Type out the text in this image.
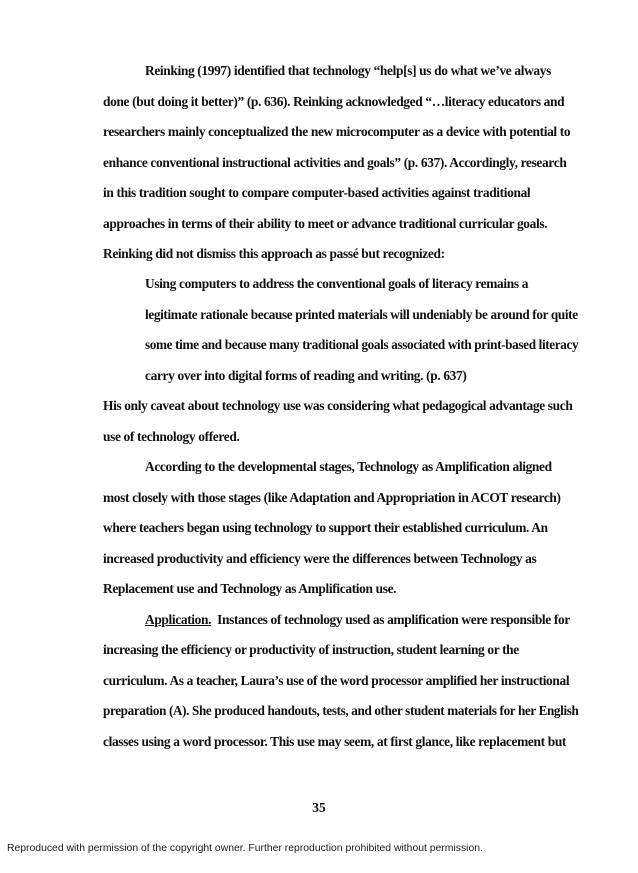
Reinking (1997) identified that technology “help[s] us do what we’ve always
done (but doing it better)” (p. 636). Reinking acknowledged “…literacy educators and
researchers mainly conceptualized the new microcomputer as a device with potential to
enhance conventional instructional activities and goals” (p. 637). Accordingly, research
in this tradition sought to compare computer-based activities against traditional
approaches in terms of their ability to meet or advance traditional curricular goals.
Reinking did not dismiss this approach as passé but recognized:
Using computers to address the conventional goals of literacy remains a
legitimate rationale because printed materials will undeniably be around for quite
some time and because many traditional goals associated with print-based literacy
carry over into digital forms of reading and writing. (p. 637)
His only caveat about technology use was considering what pedagogical advantage such
use of technology offered.
According to the developmental stages, Technology as Amplification aligned
most closely with those stages (like Adaptation and Appropriation in ACOT research)
where teachers began using technology to support their established curriculum. An
increased productivity and efficiency were the differences between Technology as
Replacement use and Technology as Amplification use.
Application.  Instances of technology used as amplification were responsible for
increasing the efficiency or productivity of instruction, student learning or the
curriculum. As a teacher, Laura’s use of the word processor amplified her instructional
preparation (A). She produced handouts, tests, and other student materials for her English
classes using a word processor. This use may seem, at first glance, like replacement but
35
Reproduced with permission of the copyright owner. Further reproduction prohibited without permission.
